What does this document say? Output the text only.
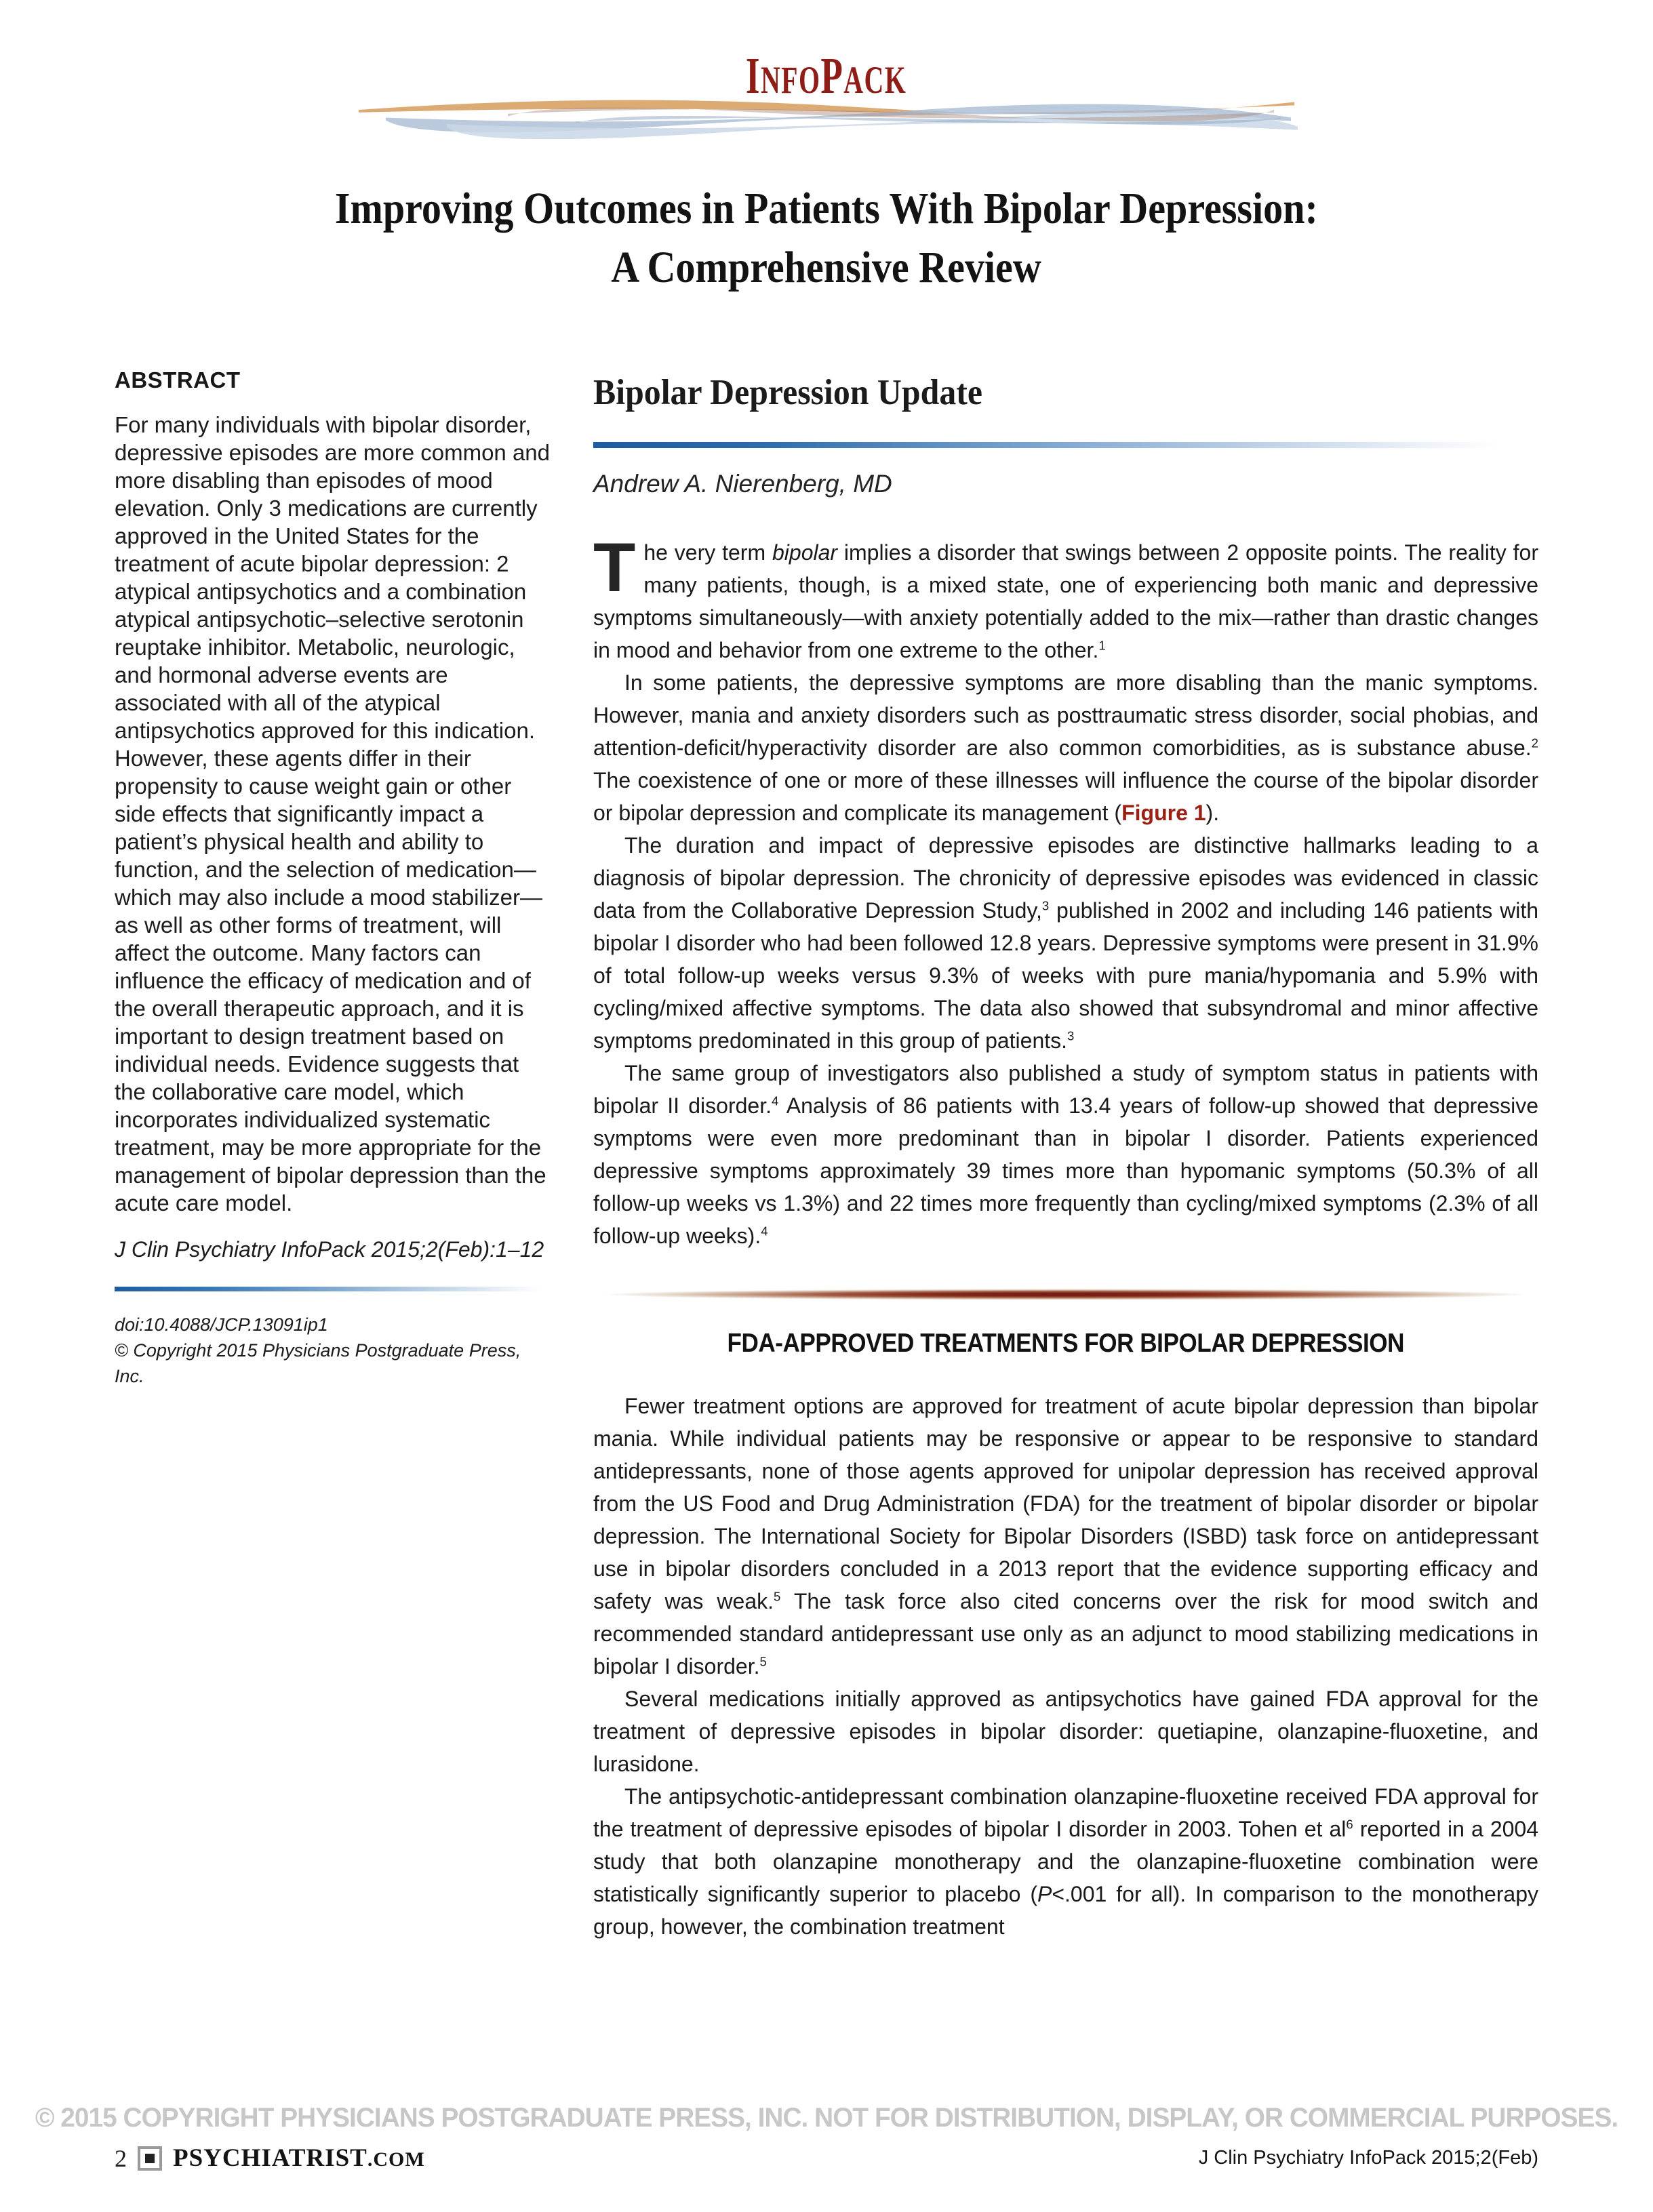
INFOPACK
Improving Outcomes in Patients With Bipolar Depression:
A Comprehensive Review
ABSTRACT
For many individuals with bipolar disorder, depressive episodes are more common and more disabling than episodes of mood elevation. Only 3 medications are currently approved in the United States for the treatment of acute bipolar depression: 2 atypical antipsychotics and a combination atypical antipsychotic–selective serotonin reuptake inhibitor. Metabolic, neurologic, and hormonal adverse events are associated with all of the atypical antipsychotics approved for this indication. However, these agents differ in their propensity to cause weight gain or other side effects that significantly impact a patient’s physical health and ability to function, and the selection of medication—which may also include a mood stabilizer—as well as other forms of treatment, will affect the outcome. Many factors can influence the efficacy of medication and of the overall therapeutic approach, and it is important to design treatment based on individual needs. Evidence suggests that the collaborative care model, which incorporates individualized systematic treatment, may be more appropriate for the management of bipolar depression than the acute care model.
J Clin Psychiatry InfoPack 2015;2(Feb):1–12
doi:10.4088/JCP.13091ip1
© Copyright 2015 Physicians Postgraduate Press, Inc.
Bipolar Depression Update
Andrew A. Nierenberg, MD

The very term bipolar implies a disorder that swings between 2 opposite points. The reality for many patients, though, is a mixed state, one of experiencing both manic and depressive symptoms simultaneously—with anxiety potentially added to the mix—rather than drastic changes in mood and behavior from one extreme to the other.$^1$

In some patients, the depressive symptoms are more disabling than the manic symptoms. However, mania and anxiety disorders such as posttraumatic stress disorder, social phobias, and attention-deficit/hyperactivity disorder are also common comorbidities, as is substance abuse.$^2$ The coexistence of one or more of these illnesses will influence the course of the bipolar disorder or bipolar depression and complicate its management (Figure 1).

The duration and impact of depressive episodes are distinctive hallmarks leading to a diagnosis of bipolar depression. The chronicity of depressive episodes was evidenced in classic data from the Collaborative Depression Study,$^3$ published in 2002 and including 146 patients with bipolar I disorder who had been followed 12.8 years. Depressive symptoms were present in 31.9% of total follow-up weeks versus 9.3% of weeks with pure mania/hypomania and 5.9% with cycling/mixed affective symptoms. The data also showed that subsyndromal and minor affective symptoms predominated in this group of patients.$^3$

The same group of investigators also published a study of symptom status in patients with bipolar II disorder.$^4$ Analysis of 86 patients with 13.4 years of follow-up showed that depressive symptoms were even more predominant than in bipolar I disorder. Patients experienced depressive symptoms approximately 39 times more than hypomanic symptoms (50.3% of all follow-up weeks vs 1.3%) and 22 times more frequently than cycling/mixed symptoms (2.3% of all follow-up weeks).$^4$

FDA-APPROVED TREATMENTS FOR BIPOLAR DEPRESSION

Fewer treatment options are approved for treatment of acute bipolar depression than bipolar mania. While individual patients may be responsive or appear to be responsive to standard antidepressants, none of those agents approved for unipolar depression has received approval from the US Food and Drug Administration (FDA) for the treatment of bipolar disorder or bipolar depression. The International Society for Bipolar Disorders (ISBD) task force on antidepressant use in bipolar disorders concluded in a 2013 report that the evidence supporting efficacy and safety was weak.$^5$ The task force also cited concerns over the risk for mood switch and recommended standard antidepressant use only as an adjunct to mood stabilizing medications in bipolar I disorder.$^5$

Several medications initially approved as antipsychotics have gained FDA approval for the treatment of depressive episodes in bipolar disorder: quetiapine, olanzapine-fluoxetine, and lurasidone.

The antipsychotic-antidepressant combination olanzapine-fluoxetine received FDA approval for the treatment of depressive episodes of bipolar I disorder in 2003. Tohen et $al^6$ reported in a 2004 study that both olanzapine monotherapy and the olanzapine-fluoxetine combination were statistically significantly superior to placebo (P<.001 for all). In comparison to the monotherapy group, however, the combination treatment

© 2015 COPYRIGHT PHYSICIANS POSTGRADUATE PRESS, INC. NOT FOR DISTRIBUTION, DISPLAY, OR COMMERCIAL PURPOSES.
2 PSYCHIATRIST.COM	J Clin Psychiatry InfoPack 2015;2(Feb)
